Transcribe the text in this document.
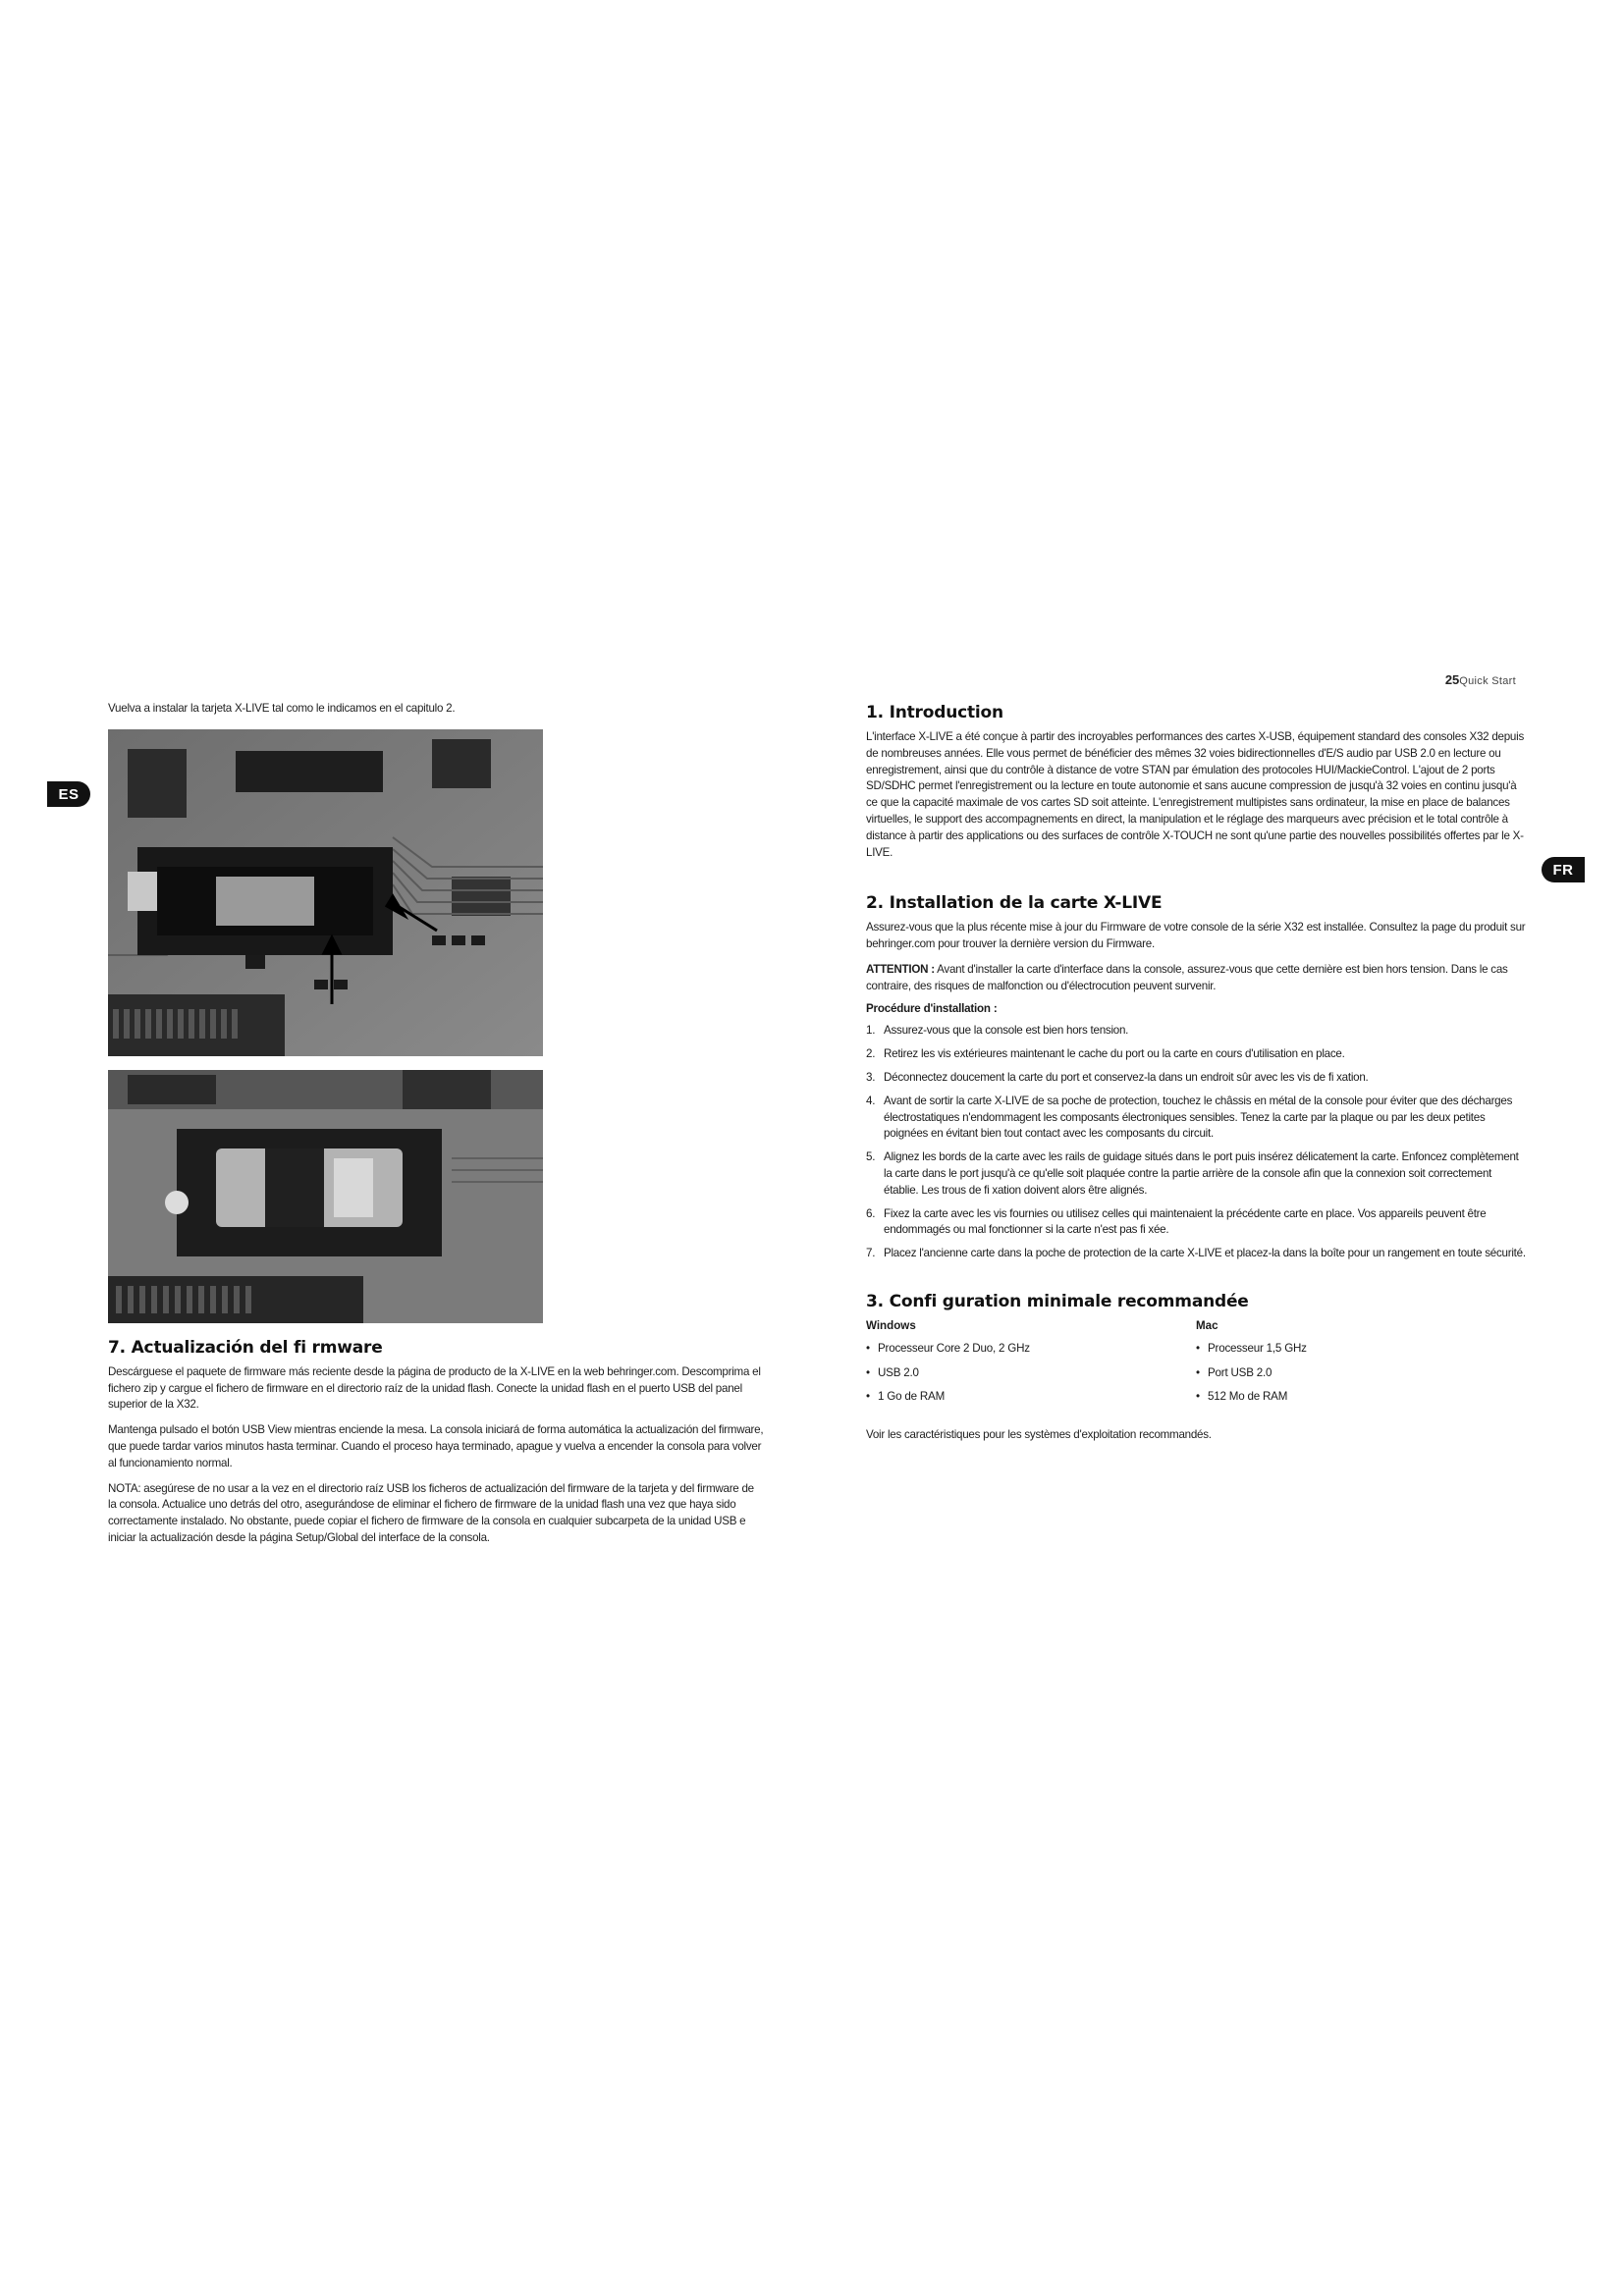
25Quick Start
ES
FR

Vuelva a instalar la tarjeta X-LIVE tal como le indicamos en el capitulo 2.

7. Actualización del fi rmware

Descárguese el paquete de firmware más reciente desde la página de producto de la X-LIVE en la web behringer.com. Descomprima el fichero zip y cargue el fichero de firmware en el directorio raíz de la unidad flash. Conecte la unidad flash en el puerto USB del panel superior de la X32.

Mantenga pulsado el botón USB View mientras enciende la mesa. La consola iniciará de forma automática la actualización del firmware, que puede tardar varios minutos hasta terminar. Cuando el proceso haya terminado, apague y vuelva a encender la consola para volver al funcionamiento normal.

NOTA: asegúrese de no usar a la vez en el directorio raíz USB los ficheros de actualización del firmware de la tarjeta y del firmware de la consola. Actualice uno detrás del otro, asegurándose de eliminar el fichero de firmware de la unidad flash una vez que haya sido correctamente instalado. No obstante, puede copiar el fichero de firmware de la consola en cualquier subcarpeta de la unidad USB e iniciar la actualización desde la página Setup/Global del interface de la consola.

1. Introduction

L'interface X-LIVE a été conçue à partir des incroyables performances des cartes X-USB, équipement standard des consoles X32 depuis de nombreuses années. Elle vous permet de bénéficier des mêmes 32 voies bidirectionnelles d'E/S audio par USB 2.0 en lecture ou enregistrement, ainsi que du contrôle à distance de votre STAN par émulation des protocoles HUI/MackieControl. L'ajout de 2 ports SD/SDHC permet l'enregistrement ou la lecture en toute autonomie et sans aucune compression de jusqu'à 32 voies en continu jusqu'à ce que la capacité maximale de vos cartes SD soit atteinte. L'enregistrement multipistes sans ordinateur, la mise en place de balances virtuelles, le support des accompagnements en direct, la manipulation et le réglage des marqueurs avec précision et le total contrôle à distance à partir des applications ou des surfaces de contrôle X-TOUCH ne sont qu'une partie des nouvelles possibilités offertes par le X-LIVE.

2. Installation de la carte X-LIVE

Assurez-vous que la plus récente mise à jour du Firmware de votre console de la série X32 est installée. Consultez la page du produit sur behringer.com pour trouver la dernière version du Firmware.

ATTENTION : Avant d'installer la carte d'interface dans la console, assurez-vous que cette dernière est bien hors tension. Dans le cas contraire, des risques de malfonction ou d'électrocution peuvent survenir.

Procédure d'installation :

1. Assurez-vous que la console est bien hors tension.
2. Retirez les vis extérieures maintenant le cache du port ou la carte en cours d'utilisation en place.
3. Déconnectez doucement la carte du port et conservez-la dans un endroit sûr avec les vis de fi xation.
4. Avant de sortir la carte X-LIVE de sa poche de protection, touchez le châssis en métal de la console pour éviter que des décharges électrostatiques n'endommagent les composants électroniques sensibles. Tenez la carte par la plaque ou par les deux petites poignées en évitant bien tout contact avec les composants du circuit.
5. Alignez les bords de la carte avec les rails de guidage situés dans le port puis insérez délicatement la carte. Enfoncez complètement la carte dans le port jusqu'à ce qu'elle soit plaquée contre la partie arrière de la console afin que la connexion soit correctement établie. Les trous de fi xation doivent alors être alignés.
6. Fixez la carte avec les vis fournies ou utilisez celles qui maintenaient la précédente carte en place. Vos appareils peuvent être endommagés ou mal fonctionner si la carte n'est pas fi xée.
7. Placez l'ancienne carte dans la poche de protection de la carte X-LIVE et placez-la dans la boîte pour un rangement en toute sécurité.
3. Confi guration minimale recommandée
Windows
• Processeur Core 2 Duo, 2 GHz
• USB 2.0
• 1 Go de RAM
Mac
• Processeur 1,5 GHz
• Port USB 2.0
• 512 Mo de RAM

Voir les caractéristiques pour les systèmes d'exploitation recommandés.
